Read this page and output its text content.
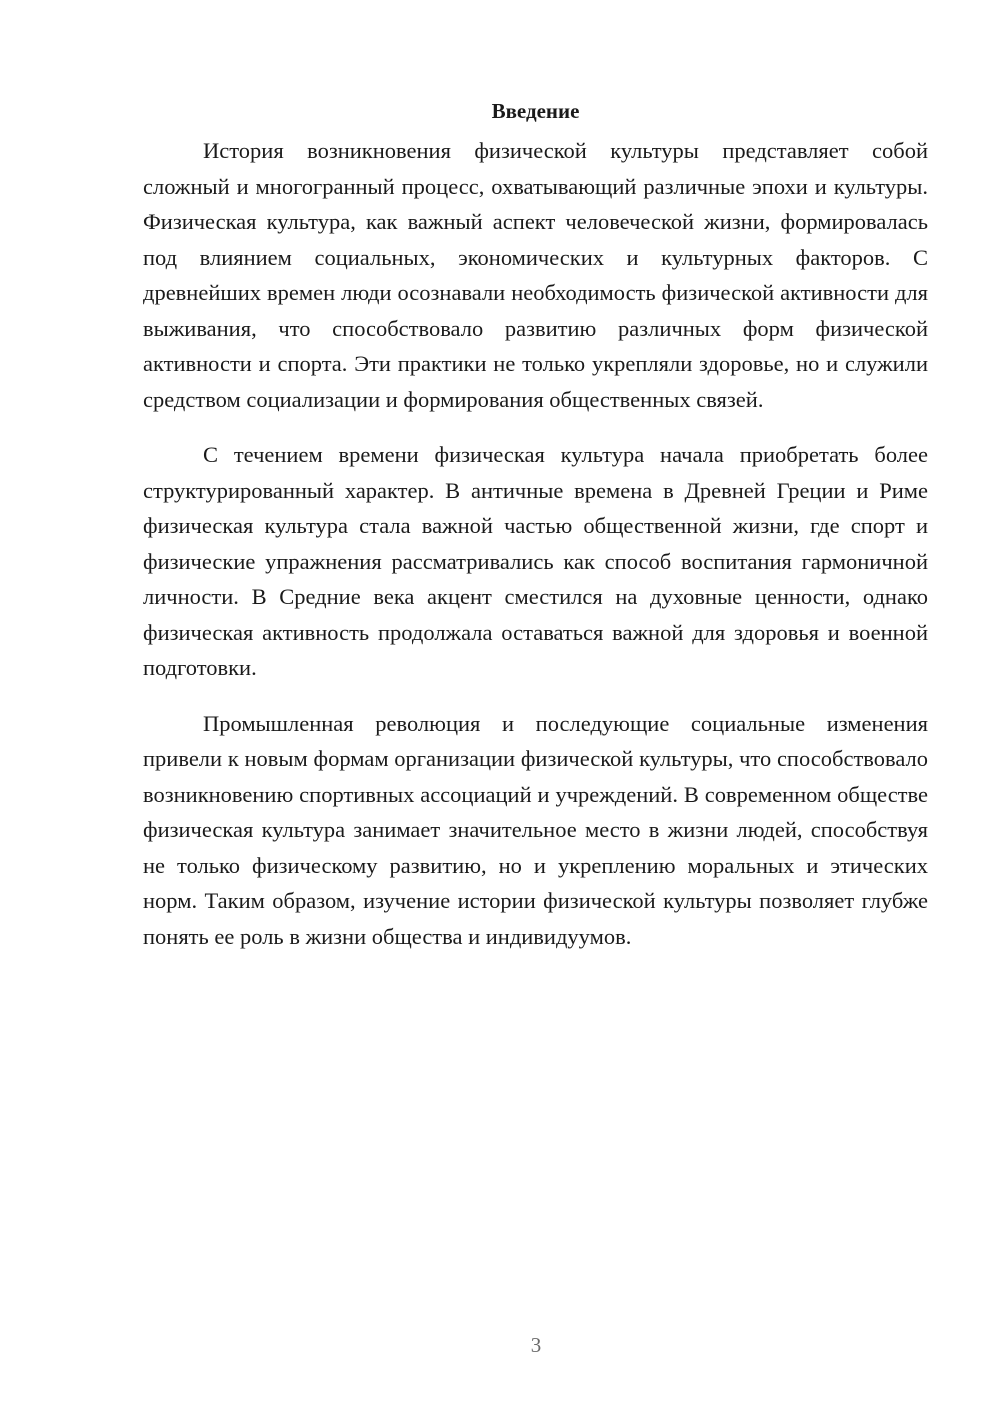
Введение

История возникновения физической культуры представляет собой сложный и многогранный процесс, охватывающий различные эпохи и культуры. Физическая культура, как важный аспект человеческой жизни, формировалась под влиянием социальных, экономических и культурных факторов. С древнейших времен люди осознавали необходимость физической активности для выживания, что способствовало развитию различных форм физической активности и спорта. Эти практики не только укрепляли здоровье, но и служили средством социализации и формирования общественных связей.

С течением времени физическая культура начала приобретать более структурированный характер. В античные времена в Древней Греции и Риме физическая культура стала важной частью общественной жизни, где спорт и физические упражнения рассматривались как способ воспитания гармоничной личности. В Средние века акцент сместился на духовные ценности, однако физическая активность продолжала оставаться важной для здоровья и военной подготовки.

Промышленная революция и последующие социальные изменения привели к новым формам организации физической культуры, что способствовало возникновению спортивных ассоциаций и учреждений. В современном обществе физическая культура занимает значительное место в жизни людей, способствуя не только физическому развитию, но и укреплению моральных и этических норм. Таким образом, изучение истории физической культуры позволяет глубже понять ее роль в жизни общества и индивидуумов.

3
